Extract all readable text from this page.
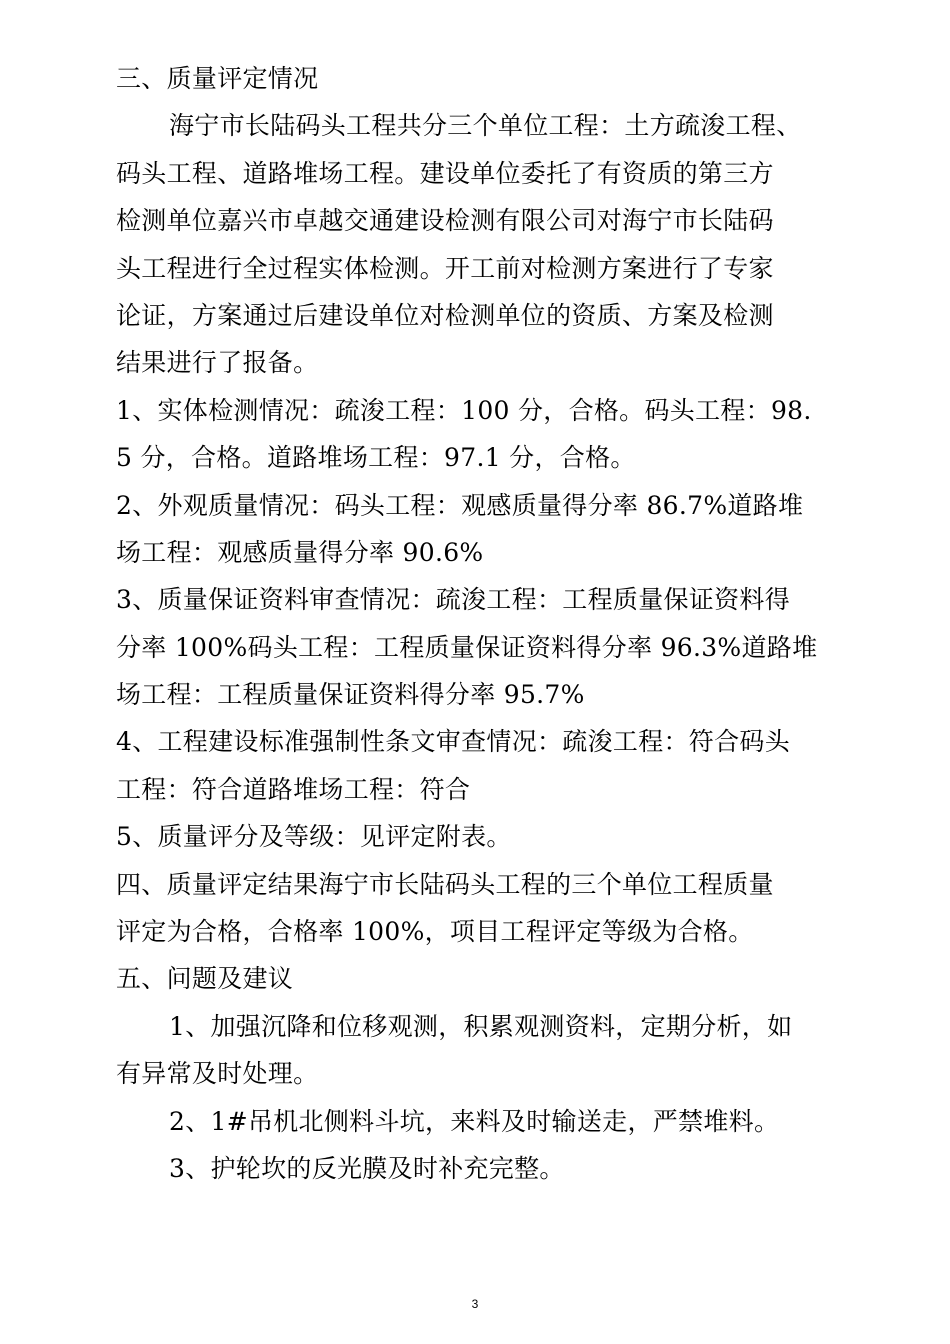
三、质量评定情况
海宁市长陆码头工程共分三个单位工程：土方疏浚工程、
码头工程、道路堆场工程。建设单位委托了有资质的第三方
检测单位嘉兴市卓越交通建设检测有限公司对海宁市长陆码
头工程进行全过程实体检测。开工前对检测方案进行了专家
论证，方案通过后建设单位对检测单位的资质、方案及检测
结果进行了报备。
1、实体检测情况：疏浚工程：100 分，合格。码头工程：98.
5 分，合格。道路堆场工程：97.1 分，合格。
2、外观质量情况：码头工程：观感质量得分率 86.7%道路堆
场工程：观感质量得分率 90.6%
3、质量保证资料审查情况：疏浚工程：工程质量保证资料得
分率 100%码头工程：工程质量保证资料得分率 96.3%道路堆
场工程：工程质量保证资料得分率 95.7%
4、工程建设标准强制性条文审查情况：疏浚工程：符合码头
工程：符合道路堆场工程：符合
5、质量评分及等级：见评定附表。
四、质量评定结果海宁市长陆码头工程的三个单位工程质量
评定为合格，合格率 100%，项目工程评定等级为合格。
五、问题及建议
1、加强沉降和位移观测，积累观测资料，定期分析，如
有异常及时处理。
2、1#吊机北侧料斗坑，来料及时输送走，严禁堆料。
3、护轮坎的反光膜及时补充完整。
3
